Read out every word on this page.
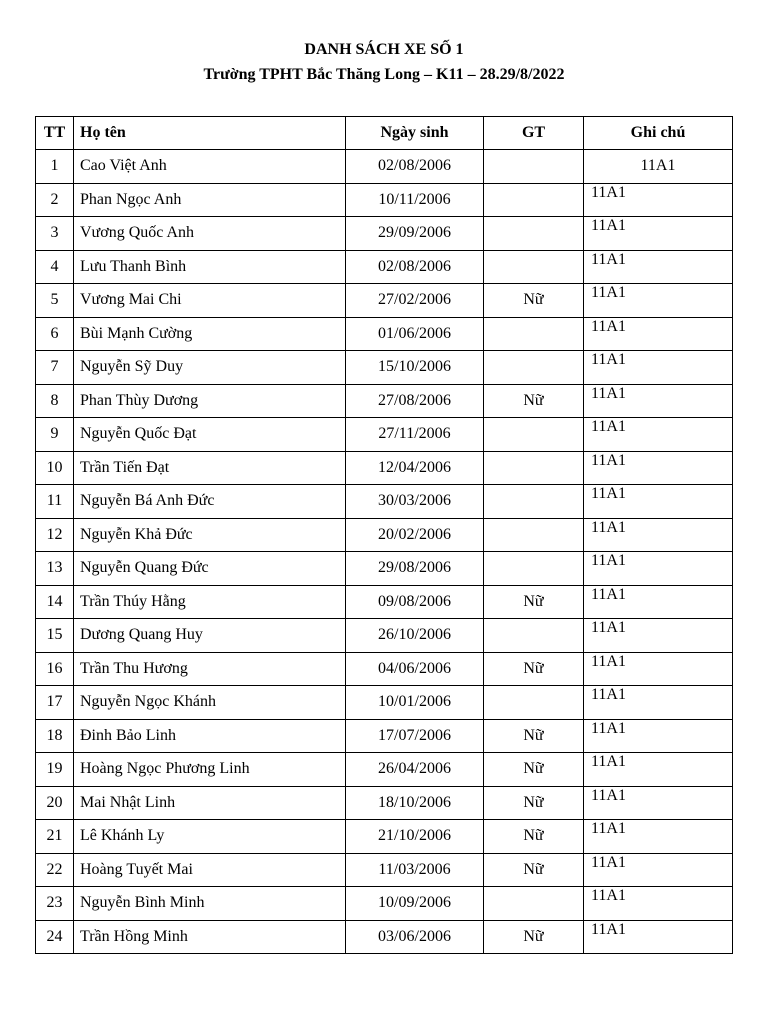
DANH SÁCH XE SỐ 1
Trường TPHT Bắc Thăng Long – K11 – 28.29/8/2022
TT	Họ tên	Ngày sinh	GT	Ghi chú
1	Cao Việt Anh	02/08/2006		11A1
2	Phan Ngọc Anh	10/11/2006		11A1
3	Vương Quốc Anh	29/09/2006		11A1
4	Lưu Thanh Bình	02/08/2006		11A1
5	Vương Mai Chi	27/02/2006	Nữ	11A1
6	Bùi Mạnh Cường	01/06/2006		11A1
7	Nguyễn Sỹ Duy	15/10/2006		11A1
8	Phan Thùy Dương	27/08/2006	Nữ	11A1
9	Nguyễn Quốc Đạt	27/11/2006		11A1
10	Trần Tiến Đạt	12/04/2006		11A1
11	Nguyễn Bá Anh Đức	30/03/2006		11A1
12	Nguyễn Khả Đức	20/02/2006		11A1
13	Nguyễn Quang Đức	29/08/2006		11A1
14	Trần Thúy Hằng	09/08/2006	Nữ	11A1
15	Dương Quang Huy	26/10/2006		11A1
16	Trần Thu Hương	04/06/2006	Nữ	11A1
17	Nguyễn Ngọc Khánh	10/01/2006		11A1
18	Đinh Bảo Linh	17/07/2006	Nữ	11A1
19	Hoàng Ngọc Phương Linh	26/04/2006	Nữ	11A1
20	Mai Nhật Linh	18/10/2006	Nữ	11A1
21	Lê Khánh Ly	21/10/2006	Nữ	11A1
22	Hoàng Tuyết Mai	11/03/2006	Nữ	11A1
23	Nguyễn Bình Minh	10/09/2006		11A1
24	Trần Hồng Minh	03/06/2006	Nữ	11A1
